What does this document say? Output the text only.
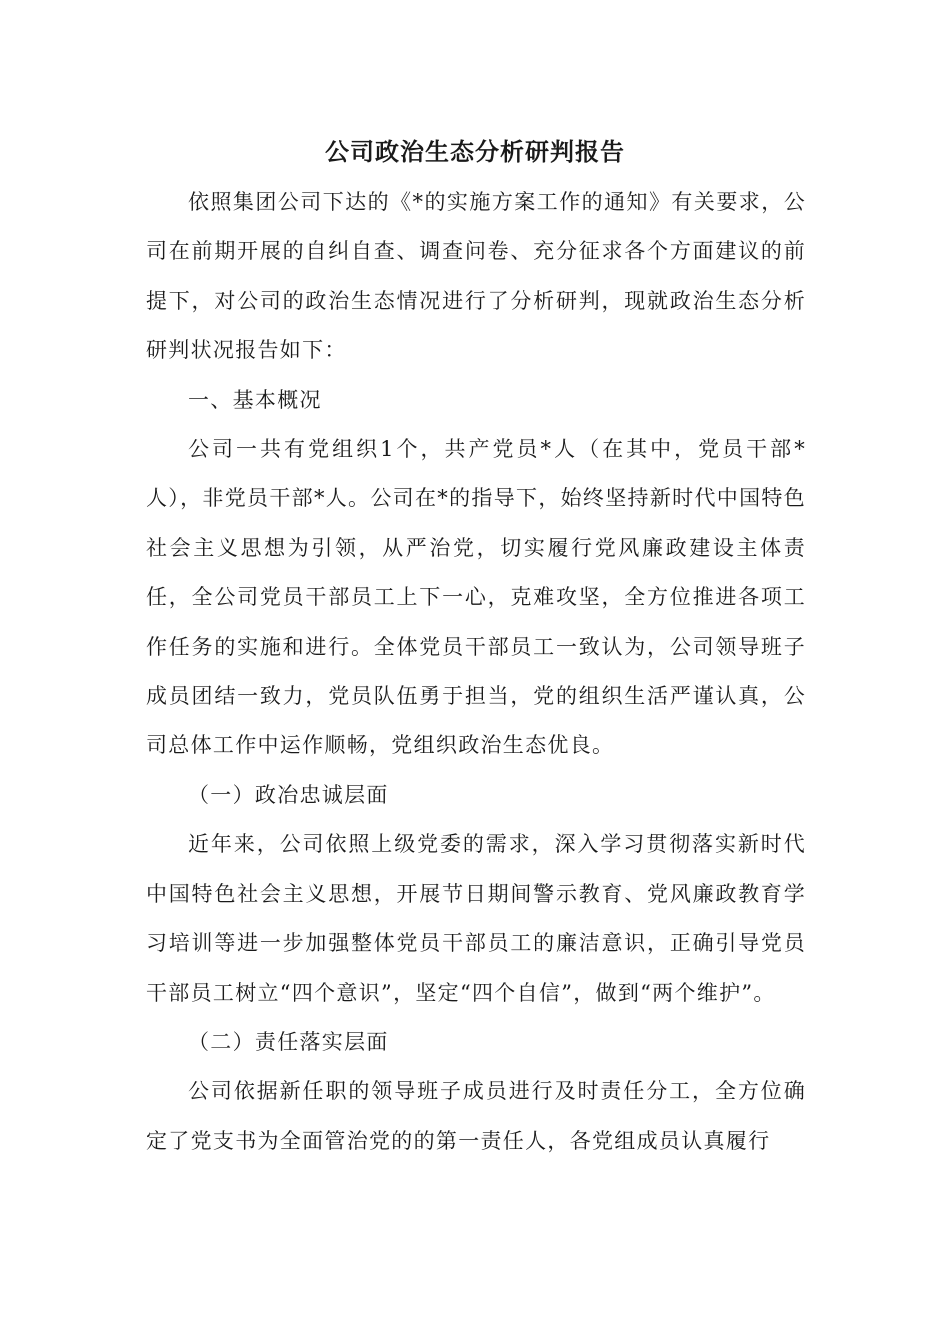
公司政治生态分析研判报告

依照集团公司下达的《*的实施方案工作的通知》有关要求，公司在前期开展的自纠自查、调查问卷、充分征求各个方面建议的前提下，对公司的政治生态情况进行了分析研判，现就政治生态分析研判状况报告如下：

一、基本概况

公司一共有党组织1个，共产党员*人（在其中，党员干部*人），非党员干部*人。公司在*的指导下，始终坚持新时代中国特色社会主义思想为引领，从严治党，切实履行党风廉政建设主体责任，全公司党员干部员工上下一心，克难攻坚，全方位推进各项工作任务的实施和进行。全体党员干部员工一致认为，公司领导班子成员团结一致力，党员队伍勇于担当，党的组织生活严谨认真，公司总体工作中运作顺畅，党组织政治生态优良。

（一）政冶忠诚层面

近年来，公司依照上级党委的需求，深入学习贯彻落实新时代中国特色社会主义思想，开展节日期间警示教育、党风廉政教育学习培训等进一步加强整体党员干部员工的廉洁意识，正确引导党员干部员工树立“四个意识”，坚定“四个自信”，做到“两个维护”。

（二）责任落实层面

公司依据新任职的领导班子成员进行及时责任分工，全方位确定了党支书为全面管治党的的第一责任人，各党组成员认真履行
